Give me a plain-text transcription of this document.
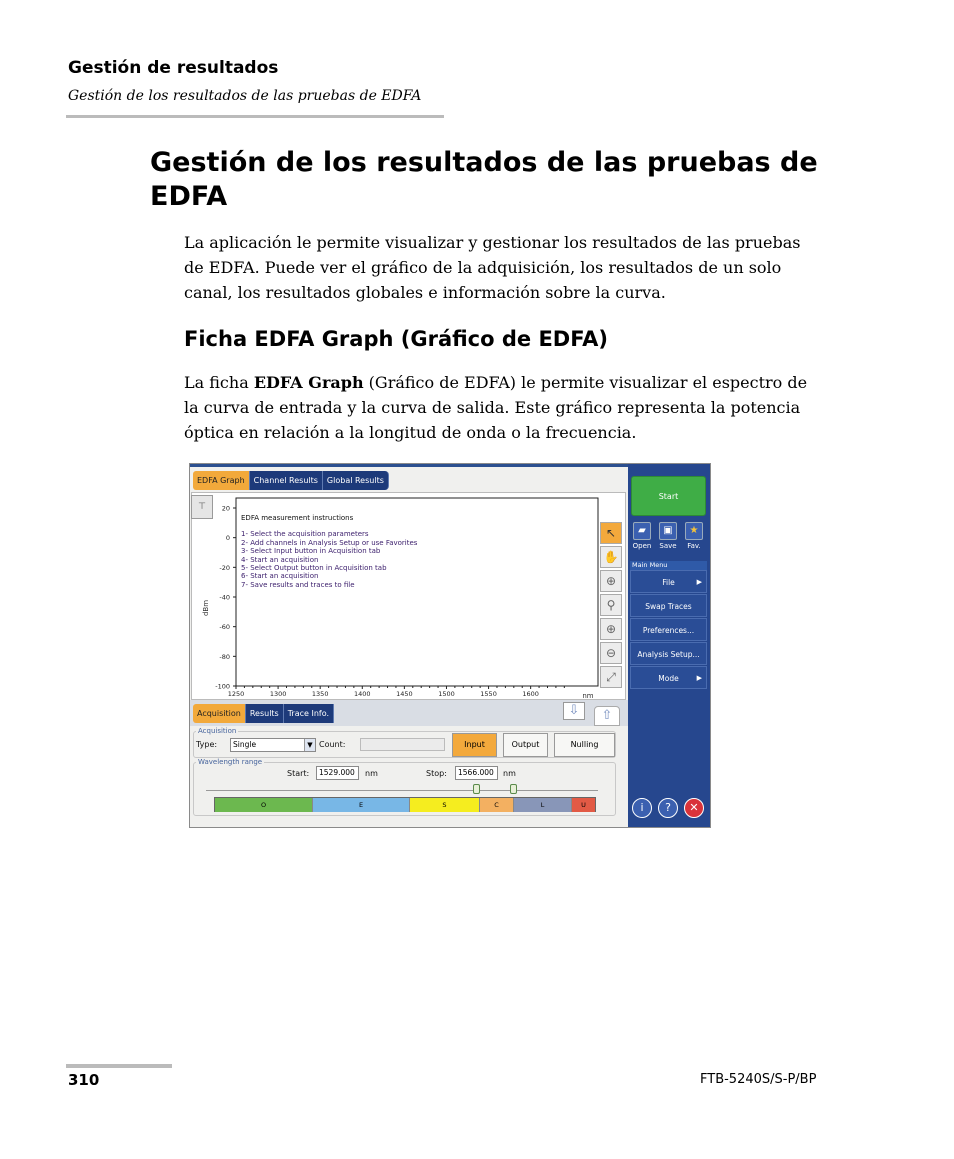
Gestión de resultados
Gestión de los resultados de las pruebas de EDFA
Gestión de los resultados de las pruebas de EDFA
La aplicación le permite visualizar y gestionar los resultados de las pruebas de EDFA. Puede ver el gráfico de la adquisición, los resultados de un solo canal, los resultados globales e información sobre la curva.
Ficha EDFA Graph (Gráfico de EDFA)
La ficha EDFA Graph (Gráfico de EDFA) le permite visualizar el espectro de la curva de entrada y la curva de salida. Este gráfico representa la potencia óptica en relación a la longitud de onda o la frecuencia.
EDFA Graph	Channel Results	Global Results
⊤	20
0
-20
-40
-60
-80
-100
1250	1300	1350	1400	1450	1500	1550	1600
dBm
nm
EDFA measurement instructions
1- Select the acquisition parameters
2- Add channels in Analysis Setup or use Favorites
3- Select Input button in Acquisition tab
4- Start an acquisition
5- Select Output button in Acquisition tab
6- Start an acquisition
7- Save results and traces to file
↖
✋
⊕
⚲
⊕
⊖
⤢
Acquisition	Results	Trace Info.	⇩	⇧
Acquisition
Type:	Single	▼ Count:	Input	Output	Nulling
Wavelength range
Start:	1529.000	nm	Stop:	1566.000	nm
O	E	S	C	L	U
Start
▰
Open
▣
Save
★
Fav.
Main Menu
File	▶
Swap Traces
Preferences...
Analysis Setup...
Mode	▶
i	?	✕
310	FTB-5240S/S-P/BP
